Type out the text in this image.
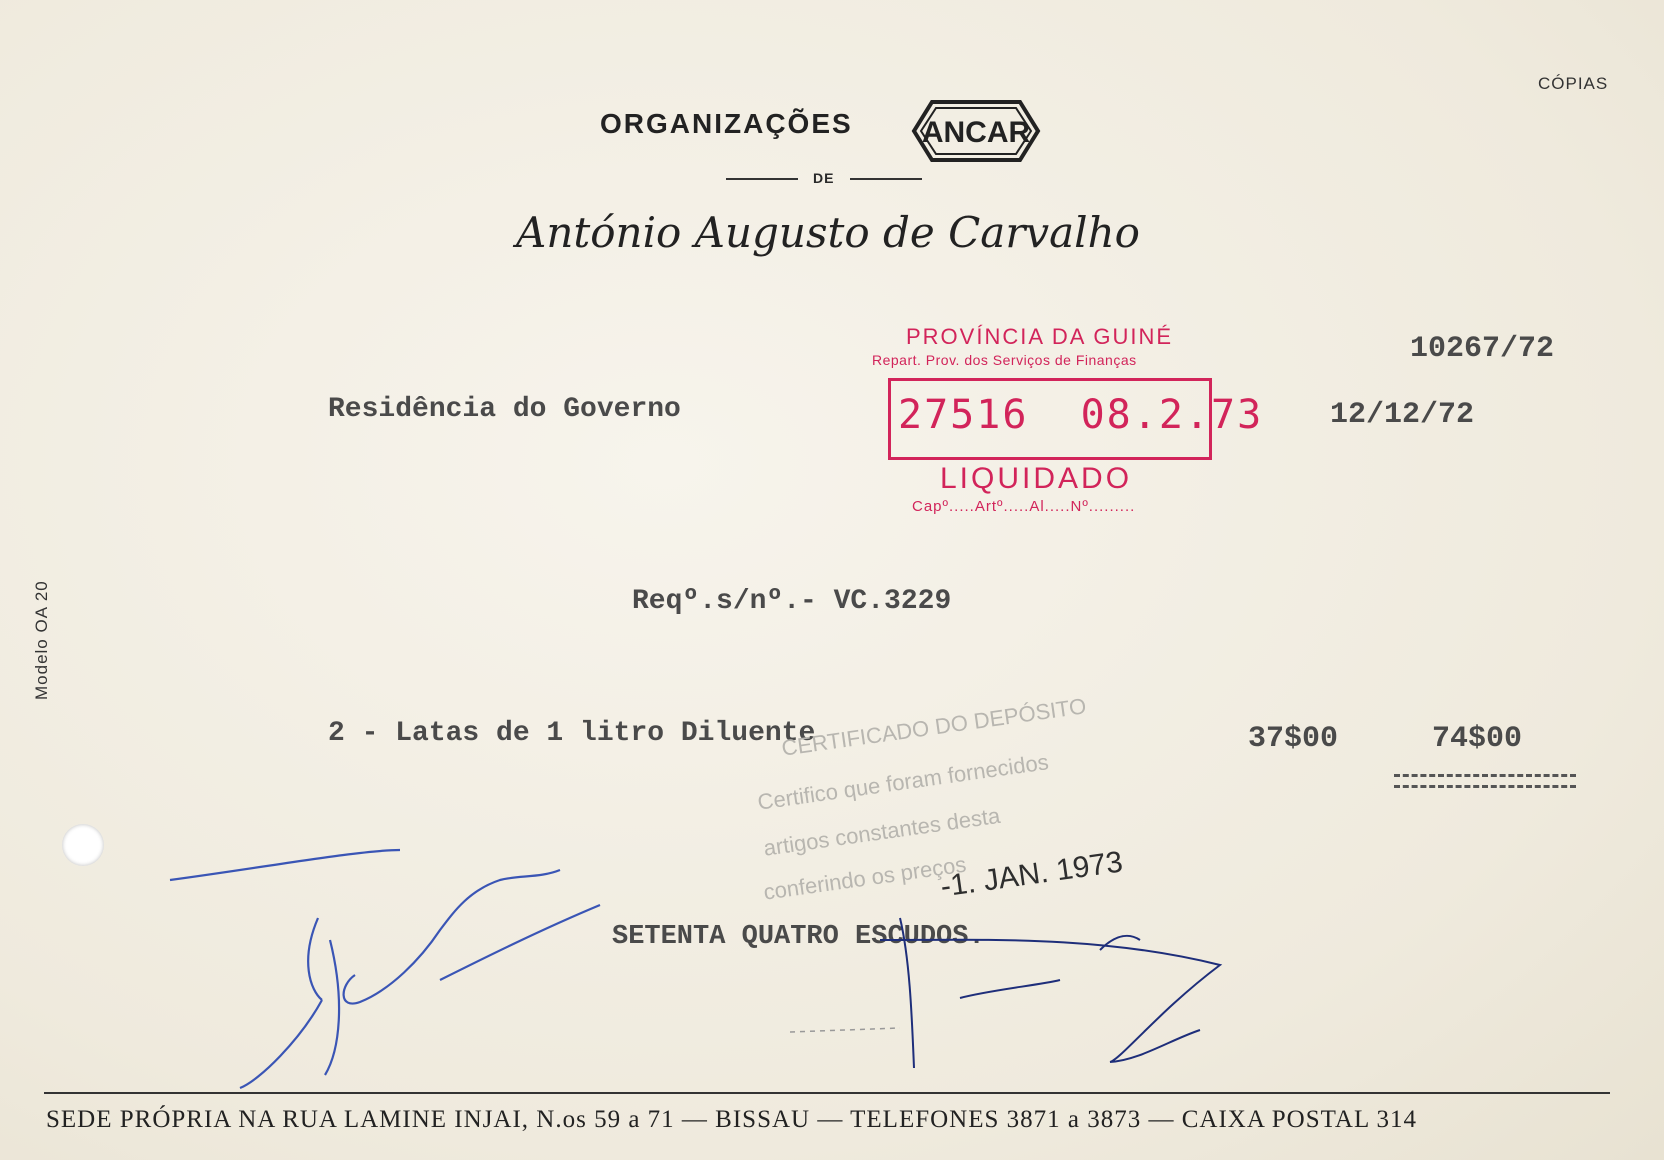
CÓPIAS
ORGANIZAÇÕES ANCAR
DE
António Augusto de Carvalho
10267/72
12/12/72
Residência do Governo
PROVÍNCIA DA GUINÉ
Repart. Prov. dos Serviços de Finanças
27516 08.2.73
LIQUIDADO
Capº.....Artº.....Al.....Nº.........
Reqº.s/nº.- VC.3229
2 - Latas de 1 litro Diluente	37$00	74$00
CERTIFICADO DO DEPÓSITO
Certifico que foram fornecidos
artigos constantes desta
conferindo os preços
-1. JAN. 1973
SETENTA QUATRO ESCUDOS.
Modelo OA 20
SEDE PRÓPRIA NA RUA LAMINE INJAI, N.os 59 a 71 — BISSAU — TELEFONES 3871 a 3873 — CAIXA POSTAL 314
